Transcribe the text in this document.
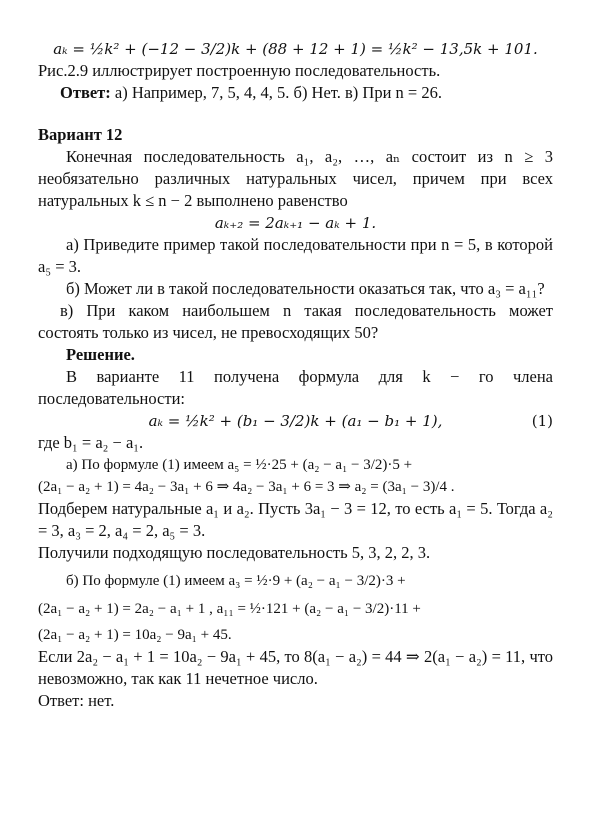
aₖ = ½k² + (−12 − 3/2)k + (88 + 12 + 1) = ½k² − 13,5k + 101.

Рис.2.9 иллюстрирует построенную последовательность.

Ответ: а) Например, 7, 5, 4, 4, 5. б) Нет. в) При n = 26.

Вариант 12

Конечная последовательность a₁, a₂, …, aₙ состоит из n ≥ 3 необязательно различных натуральных чисел, причем при всех натуральных k ≤ n − 2 выполнено равенство

aₖ₊₂ = 2aₖ₊₁ − aₖ + 1.

а) Приведите пример такой последовательности при n = 5, в которой a₅ = 3.

б) Может ли в такой последовательности оказаться так, что a₃ = a₁₁?

в) При каком наибольшем n такая последовательность может состоять только из чисел, не превосходящих 50?

Решение.

В варианте 11 получена формула для k − го члена последовательности:

aₖ = ½k² + (b₁ − 3/2)k + (a₁ − b₁ + 1),	(1)

где b₁ = a₂ − a₁.

а) По формуле (1) имеем a₅ = ½·25 + (a₂ − a₁ − 3/2)·5 +

(2a₁ − a₂ + 1) = 4a₂ − 3a₁ + 6 ⇒ 4a₂ − 3a₁ + 6 = 3 ⇒ a₂ = (3a₁ − 3)/4 .

Подберем натуральные a₁ и a₂. Пусть 3a₁ − 3 = 12, то есть a₁ = 5. Тогда a₂ = 3, a₃ = 2, a₄ = 2, a₅ = 3.

Получили подходящую последовательность 5, 3, 2, 2, 3.

б) По формуле (1) имеем a₃ = ½·9 + (a₂ − a₁ − 3/2)·3 +

(2a₁ − a₂ + 1) = 2a₂ − a₁ + 1 , a₁₁ = ½·121 + (a₂ − a₁ − 3/2)·11 +

(2a₁ − a₂ + 1) = 10a₂ − 9a₁ + 45.

Если 2a₂ − a₁ + 1 = 10a₂ − 9a₁ + 45, то 8(a₁ − a₂) = 44 ⇒ 2(a₁ − a₂) = 11, что невозможно, так как 11 нечетное число.

Ответ: нет.
